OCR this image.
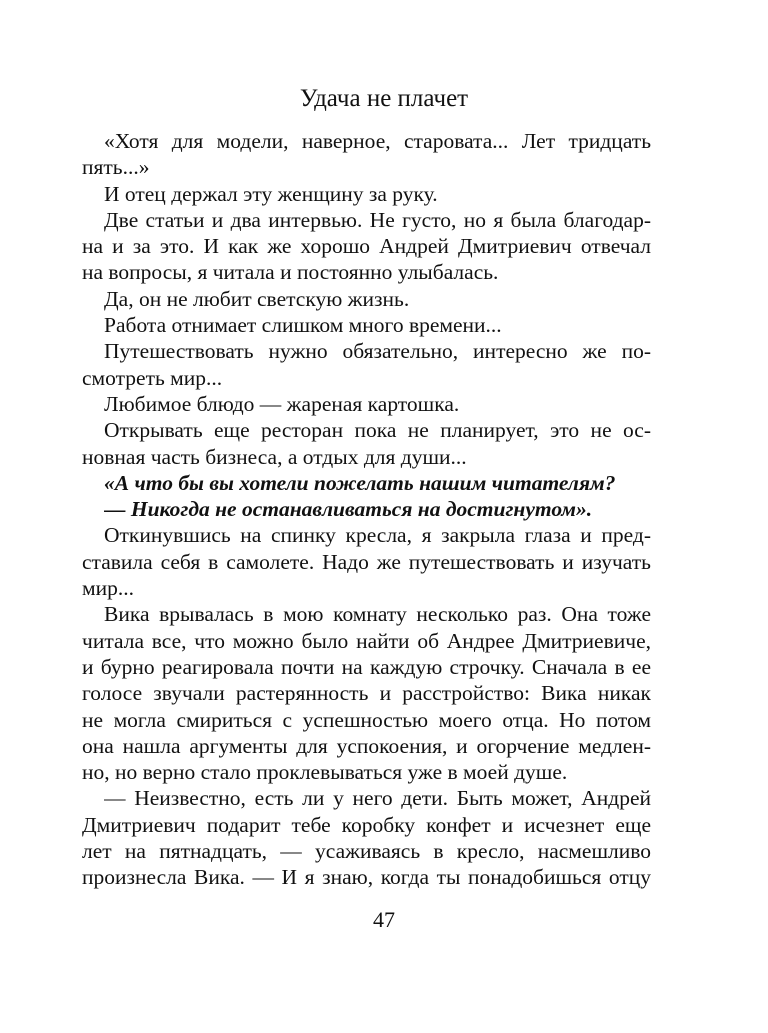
Удача не плачет
«Хотя для модели, наверное, старовата... Лет тридцать
пять...»
И отец держал эту женщину за руку.
Две статьи и два интервью. Не густо, но я была благодар-
на и за это. И как же хорошо Андрей Дмитриевич отвечал
на вопросы, я читала и постоянно улыбалась.
Да, он не любит светскую жизнь.
Работа отнимает слишком много времени...
Путешествовать нужно обязательно, интересно же по-
смотреть мир...
Любимое блюдо — жареная картошка.
Открывать еще ресторан пока не планирует, это не ос-
новная часть бизнеса, а отдых для души...
«А что бы вы хотели пожелать нашим читателям?
— Никогда не останавливаться на достигнутом».
Откинувшись на спинку кресла, я закрыла глаза и пред-
ставила себя в самолете. Надо же путешествовать и изучать
мир...
Вика врывалась в мою комнату несколько раз. Она тоже
читала все, что можно было найти об Андрее Дмитриевиче,
и бурно реагировала почти на каждую строчку. Сначала в ее
голосе звучали растерянность и расстройство: Вика никак
не могла смириться с успешностью моего отца. Но потом
она нашла аргументы для успокоения, и огорчение медлен-
но, но верно стало проклевываться уже в моей душе.
— Неизвестно, есть ли у него дети. Быть может, Андрей
Дмитриевич подарит тебе коробку конфет и исчезнет еще
лет на пятнадцать, — усаживаясь в кресло, насмешливо
произнесла Вика. — И я знаю, когда ты понадобишься отцу
47
